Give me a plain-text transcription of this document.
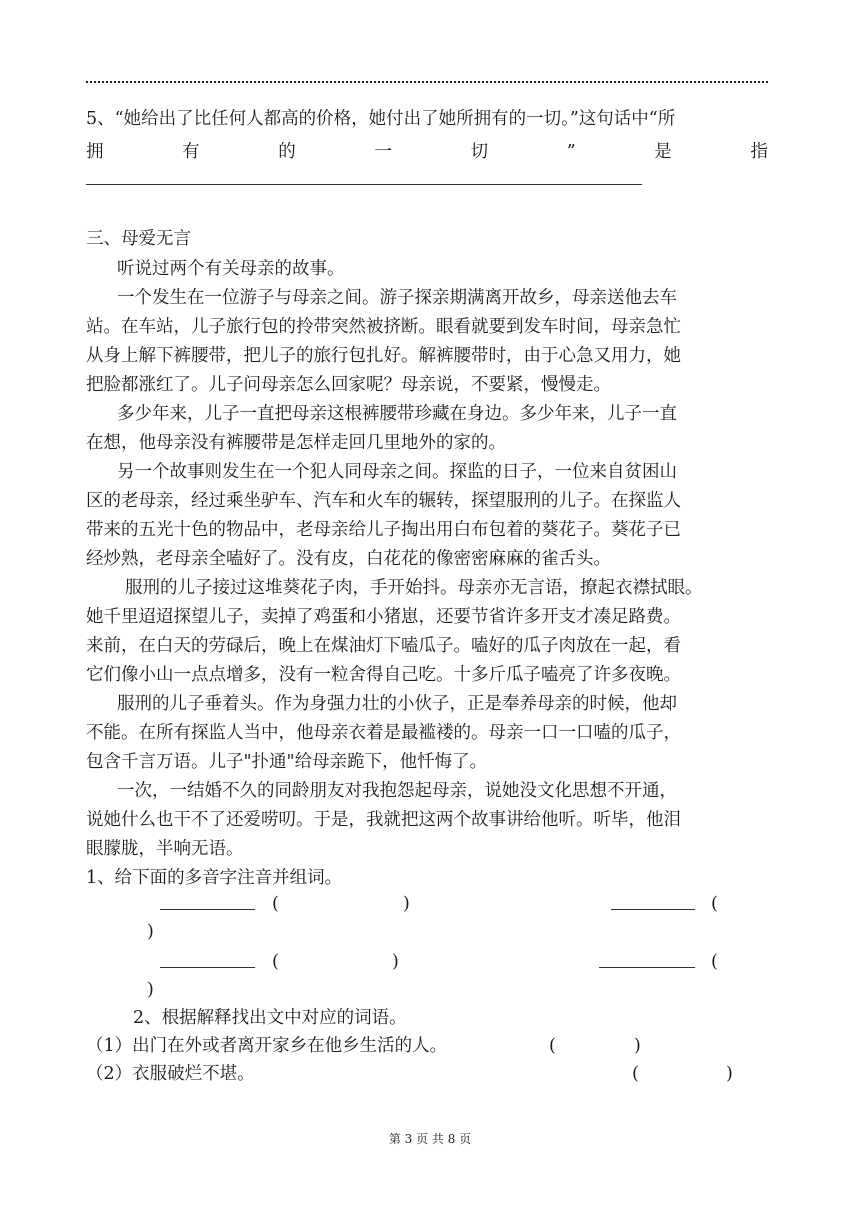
5、“她给出了比任何人都高的价格，她付出了她所拥有的一切。”这句话中“所
拥	有	的	一	切	”	是	指
三、母爱无言
听说过两个有关母亲的故事。
一个发生在一位游子与母亲之间。游子探亲期满离开故乡，母亲送他去车
站。在车站，儿子旅行包的拎带突然被挤断。眼看就要到发车时间，母亲急忙
从身上解下裤腰带，把儿子的旅行包扎好。解裤腰带时，由于心急又用力，她
把脸都涨红了。儿子问母亲怎么回家呢？母亲说，不要紧，慢慢走。
多少年来，儿子一直把母亲这根裤腰带珍藏在身边。多少年来，儿子一直
在想，他母亲没有裤腰带是怎样走回几里地外的家的。
另一个故事则发生在一个犯人同母亲之间。探监的日子，一位来自贫困山
区的老母亲，经过乘坐驴车、汽车和火车的辗转，探望服刑的儿子。在探监人
带来的五光十色的物品中，老母亲给儿子掏出用白布包着的葵花子。葵花子已
经炒熟，老母亲全嗑好了。没有皮，白花花的像密密麻麻的雀舌头。
服刑的儿子接过这堆葵花子肉，手开始抖。母亲亦无言语，撩起衣襟拭眼。
她千里迢迢探望儿子，卖掉了鸡蛋和小猪崽，还要节省许多开支才凑足路费。
来前，在白天的劳碌后，晚上在煤油灯下嗑瓜子。嗑好的瓜子肉放在一起，看
它们像小山一点点增多，没有一粒舍得自己吃。十多斤瓜子嗑亮了许多夜晚。
服刑的儿子垂着头。作为身强力壮的小伙子，正是奉养母亲的时候，他却
不能。在所有探监人当中，他母亲衣着是最褴褛的。母亲一口一口嗑的瓜子，
包含千言万语。儿子"扑通"给母亲跪下，他忏悔了。
一次，一结婚不久的同龄朋友对我抱怨起母亲，说她没文化思想不开通，
说她什么也干不了还爱唠叨。于是，我就把这两个故事讲给他听。听毕，他泪
眼朦胧，半响无语。
1、给下面的多音字注音并组词。
(	)	(
)
(	)	(
)
2、根据解释找出文中对应的词语。
（1）出门在外或者离开家乡在他乡生活的人。	(	)
（2）衣服破烂不堪。	(	)
第 3 页 共 8 页
